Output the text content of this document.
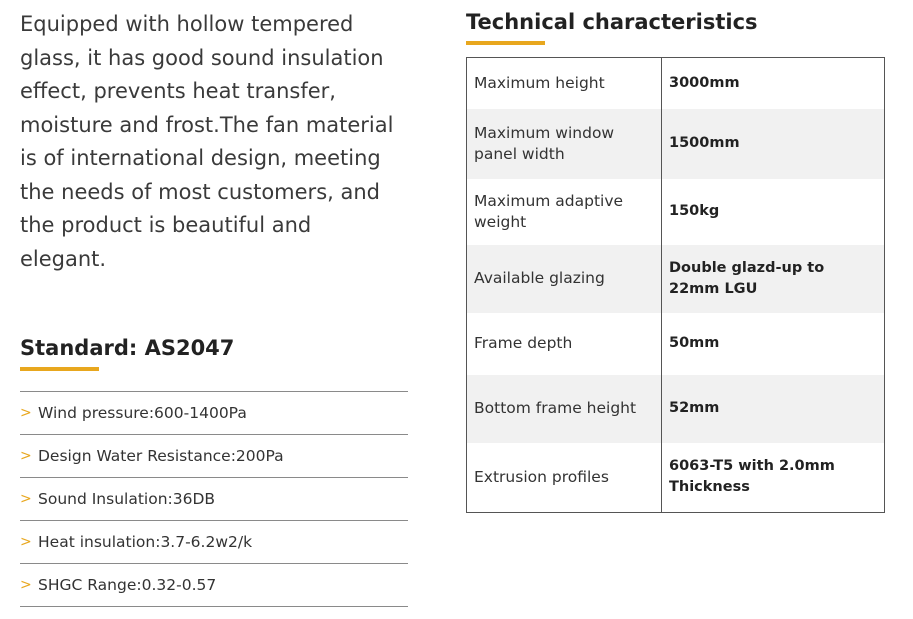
Equipped with hollow tempered glass, it has good sound insulation effect, prevents heat transfer, moisture and frost.The fan material is of international design, meeting the needs of most customers, and the product is beautiful and elegant.

Standard: AS2047
> Wind pressure:600-1400Pa
> Design Water Resistance:200Pa
> Sound Insulation:36DB
> Heat insulation:3.7-6.2w2/k
> SHGC Range:0.32-0.57
Technical characteristics
Maximum height	3000mm
Maximum window panel width	1500mm
Maximum adaptive weight	150kg
Available glazing	Double glazd-up to 22mm LGU
Frame depth	50mm
Bottom frame height	52mm
Extrusion profiles	6063-T5 with 2.0mm Thickness
